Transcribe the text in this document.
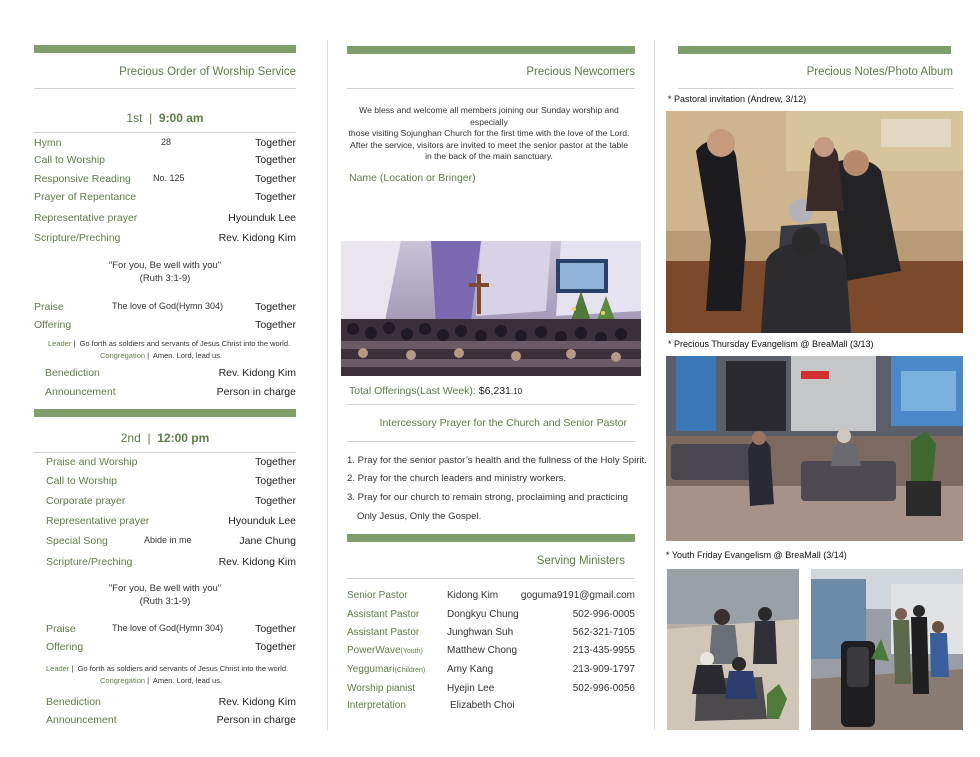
Precious Order of Worship Service
1st | 9:00 am
Hymn	28	Together
Call to Worship	Together
Responsive Reading No. 125	Together
Prayer of Repentance	Together
Representative prayer	Hyounduk Lee
Scripture/Preching	Rev. Kidong Kim
"For you, Be well with you"
(Ruth 3:1-9)
Praise	The love of God(Hymn 304)	Together
Offering	Together
Leader |  Go forth as soldiers and servants of Jesus Christ into the world.
Congregation |  Amen. Lord, lead us.
Benediction	Rev. Kidong Kim
Announcement	Person in charge
2nd | 12:00 pm
Praise and Worship	Together
Call to Worship	Together
Corporate prayer	Together
Representative prayer	Hyounduk Lee
Special Song	Abide in me	Jane Chung
Scripture/Preching	Rev. Kidong Kim
"For you, Be well with you"
(Ruth 3:1-9)
Praise	The love of God(Hymn 304)	Together
Offering	Together
Leader |  Go forth as soldiers and servants of Jesus Christ into the world.
Congregation |  Amen. Lord, lead us.
Benediction	Rev. Kidong Kim
Announcement	Person in charge
Precious Newcomers
We bless and welcome all members joining our Sunday worship and especially
those visiting Sojunghan Church for the first time with the love of the Lord.
After the service, visitors are invited to meet the senior pastor at the table
in the back of the main sanctuary.
Name (Location or Bringer)
Total Offerings(Last Week): $6,231.10
Intercessory Prayer for the Church and Senior Pastor
1. Pray for the senior pastor’s health and the fullness of the Holy Spirit.
2. Pray for the church leaders and ministry workers.
3. Pray for our church to remain strong, proclaiming and practicing
Only Jesus, Only the Gospel.
Serving Ministers
Senior Pastor	Kidong Kim goguma9191@gmail.com
Assistant Pastor	Dongkyu Chung	502-996-0005
Assistant Pastor	Junghwan Suh	562-321-7105
PowerWave(Youth) Matthew Chong	213-435-9955
Yeggumari(Children) Amy Kang	213-909-1797
Worship pianist	Hyejin Lee	502-996-0056
Interpretation	Elizabeth Choi
Precious Notes/Photo Album
* Pastoral invitation (Andrew, 3/12)
* Precious Thursday Evangelism @ BreaMall (3/13)
* Youth Friday Evangelism @ BreaMall (3/14)
